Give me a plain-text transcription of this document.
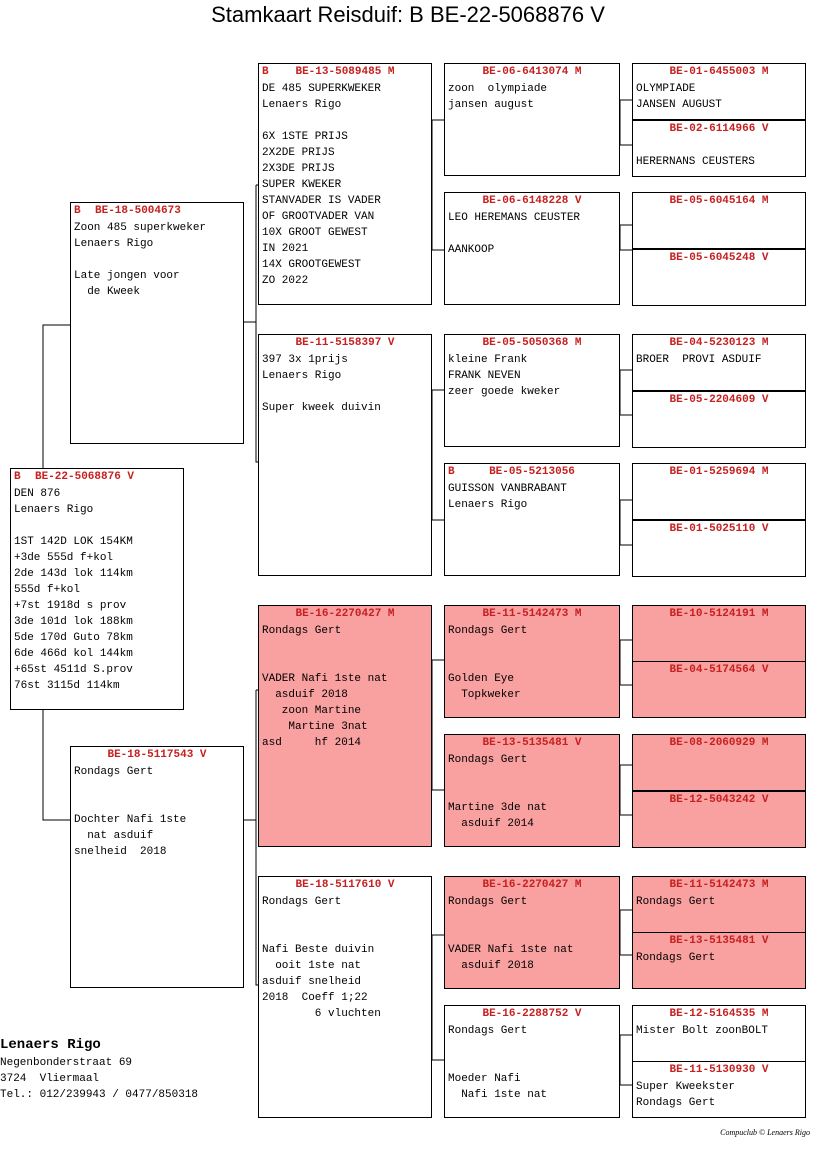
Stamkaart Reisduif: B BE-22-5068876 V
B BE-22-5068876 V
DEN 876
Lenaers Rigo

1ST 142D LOK 154KM
+3de 555d f+kol
2de 143d lok 114km
555d f+kol
+7st 1918d s prov
3de 101d lok 188km
5de 170d Guto 78km
6de 466d kol 144km
+65st 4511d S.prov
76st 3115d 114km
B BE-18-5004673
Zoon 485 superkweker
Lenaers Rigo

Late jongen voor
de Kweek
BE-18-5117543 V
Rondags Gert

Dochter Nafi 1ste
nat asduif
snelheid  2018
B	BE-13-5089485 M
DE 485 SUPERKWEKER
Lenaers Rigo

6X 1STE PRIJS
2X2DE PRIJS
2X3DE PRIJS
SUPER KWEKER
STANVADER IS VADER
OF GROOTVADER VAN
10X GROOT GEWEST
IN 2021
14X GROOTGEWEST
ZO 2022
BE-11-5158397 V
397 3x 1prijs
Lenaers Rigo

Super kweek duivin
BE-16-2270427 M
Rondags Gert

VADER Nafi 1ste nat
asduif 2018
zoon Martine
Martine 3nat
asd     hf 2014
BE-18-5117610 V
Rondags Gert

Nafi Beste duivin
ooit 1ste nat
asduif snelheid
2018  Coeff 1;22
6 vluchten
BE-06-6413074 M
zoon  olympiade
jansen august
BE-06-6148228 V
LEO HEREMANS CEUSTER

AANKOOP
BE-05-5050368 M
kleine Frank
FRANK NEVEN
zeer goede kweker
B	BE-05-5213056
GUISSON VANBRABANT
Lenaers Rigo
BE-11-5142473 M
Rondags Gert

Golden Eye
Topkweker
BE-13-5135481 V
Rondags Gert

Martine 3de nat
asduif 2014
BE-16-2270427 M
Rondags Gert

VADER Nafi 1ste nat
asduif 2018
BE-16-2288752 V
Rondags Gert

Moeder Nafi
Nafi 1ste nat
BE-01-6455003 M
OLYMPIADE
JANSEN AUGUST
BE-02-6114966 V

HERERNANS CEUSTERS
BE-05-6045164 M
BE-05-6045248 V
BE-04-5230123 M
BROER  PROVI ASDUIF
BE-05-2204609 V
BE-01-5259694 M
BE-01-5025110 V
BE-10-5124191 M
BE-04-5174564 V
BE-08-2060929 M
BE-12-5043242 V
BE-11-5142473 M
Rondags Gert
BE-13-5135481 V
Rondags Gert
BE-12-5164535 M
Mister Bolt zoonBOLT
BE-11-5130930 V
Super Kweekster
Rondags Gert
Lenaers Rigo
Negenbonderstraat 69
3724  Vliermaal
Tel.: 012/239943 / 0477/850318
Compuclub © Lenaers Rigo
